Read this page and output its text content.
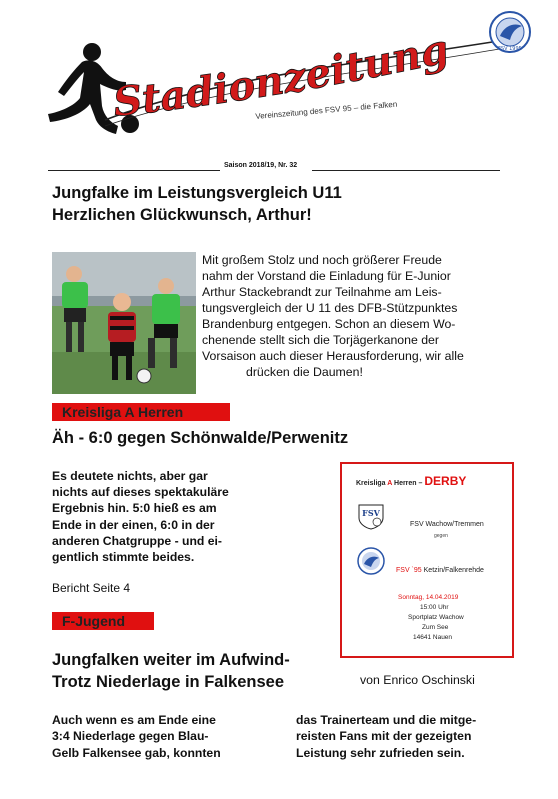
Stadionzeitung	FSV 1995
Vereinszeitung des FSV 95 – die Falken
Saison 2018/19, Nr. 32
Jungfalke im Leistungsvergleich U11
Herzlichen Glückwunsch, Arthur!
Mit großem Stolz und noch größerer Freude
nahm der Vorstand die Einladung für E-Junior
Arthur Stackebrandt zur Teilnahme am Leis-
tungsvergleich der U 11 des DFB-Stützpunktes
Brandenburg entgegen. Schon an diesem Wo-
chenende stellt sich die Torjägerkanone der
Vorsaison auch dieser Herausforderung, wir alle
drücken die Daumen!
Kreisliga A Herren
Äh - 6:0 gegen Schönwalde/Perwenitz
Es deutete nichts, aber gar
nichts auf dieses spektakuläre
Ergebnis hin. 5:0 hieß es am
Ende in der einen, 6:0 in der
anderen Chatgruppe - und ei-
gentlich stimmte beides.
Bericht Seite 4
Kreisliga A Herren – DERBY
FSV
FSV Wachow/Tremmen
gegen
FSV `95 Ketzin/Falkenrehde
Sonntag, 14.04.2019
15:00 Uhr
Sportplatz Wachow
Zum See
14641 Nauen
F-Jugend
Jungfalken weiter im Aufwind-
Trotz Niederlage in Falkensee	von Enrico Oschinski
Auch wenn es am Ende eine
3:4 Niederlage gegen Blau-
Gelb Falkensee gab, konnten
das Trainerteam und die mitge-
reisten Fans mit der gezeigten
Leistung sehr zufrieden sein.
